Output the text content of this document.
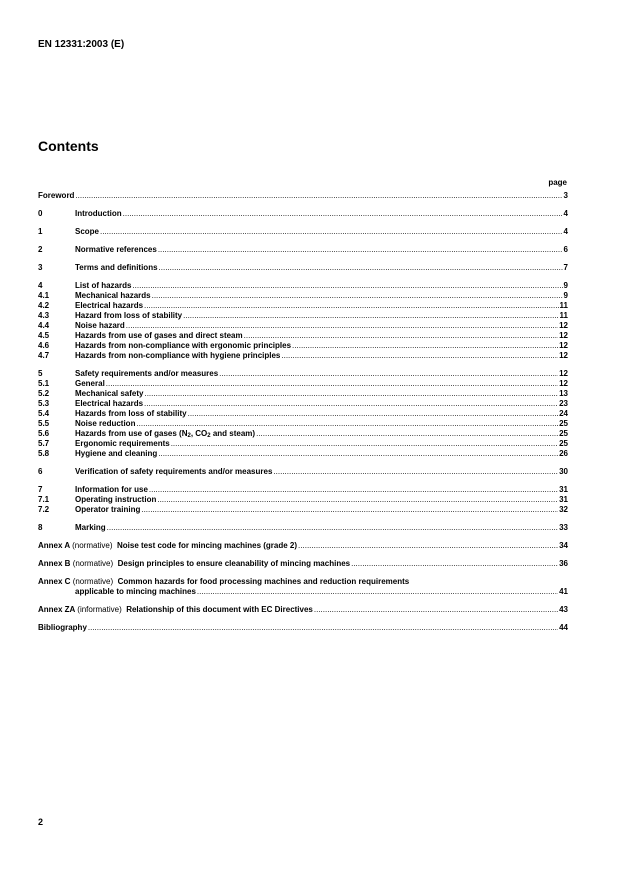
EN 12331:2003 (E)
Contents
page
Foreword .....	3
0	Introduction .....	4
1	Scope .....	4
2	Normative references .....	6
3	Terms and definitions .....	7
4	List of hazards .....	9
4.1	Mechanical hazards .....	9
4.2	Electrical hazards .....	11
4.3	Hazard from loss of stability .....	11
4.4	Noise hazard .....	12
4.5	Hazards from use of gases and direct steam .....	12
4.6	Hazards from non-compliance with ergonomic principles .....	12
4.7	Hazards from non-compliance with hygiene principles .....	12
5	Safety requirements and/or measures .....	12
5.1	General .....	12
5.2	Mechanical safety .....	13
5.3	Electrical hazards .....	23
5.4	Hazards from loss of stability .....	24
5.5	Noise reduction .....	25
5.6	Hazards from use of gases ($N_2$, $CO_2$ and steam) .....	25
5.7	Ergonomic requirements .....	25
5.8	Hygiene and cleaning .....	26
6	Verification of safety requirements and/or measures .....	30
7	Information for use .....	31
7.1	Operating instruction .....	31
7.2	Operator training .....	32
8	Marking .....	33
Annex A (normative) Noise test code for mincing machines (grade 2) .....	34
Annex B (normative) Design principles to ensure cleanability of mincing machines .....	36
Annex C (normative) Common hazards for food processing machines and reduction requirements
applicable to mincing machines .....	41
Annex ZA (informative) Relationship of this document with EC Directives .....	43
Bibliography .....	44
2
